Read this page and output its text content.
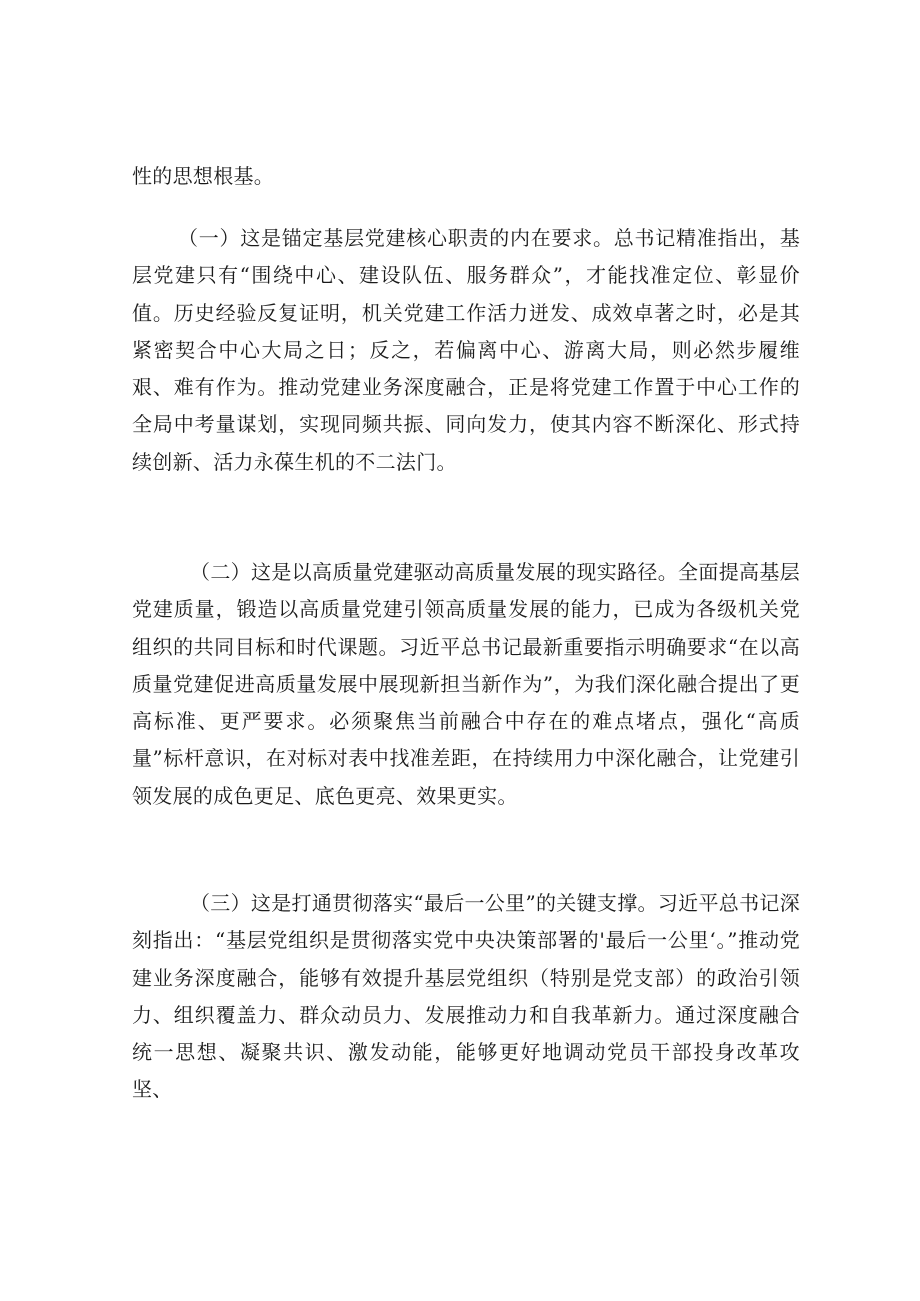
性的思想根基。

（一）这是锚定基层党建核心职责的内在要求。总书记精准指出，基层党建只有“围绕中心、建设队伍、服务群众”，才能找准定位、彰显价值。历史经验反复证明，机关党建工作活力迸发、成效卓著之时，必是其紧密契合中心大局之日；反之，若偏离中心、游离大局，则必然步履维艰、难有作为。推动党建业务深度融合，正是将党建工作置于中心工作的全局中考量谋划，实现同频共振、同向发力，使其内容不断深化、形式持续创新、活力永葆生机的不二法门。

（二）这是以高质量党建驱动高质量发展的现实路径。全面提高基层党建质量，锻造以高质量党建引领高质量发展的能力，已成为各级机关党组织的共同目标和时代课题。习近平总书记最新重要指示明确要求“在以高质量党建促进高质量发展中展现新担当新作为”，为我们深化融合提出了更高标准、更严要求。必须聚焦当前融合中存在的难点堵点，强化“高质量”标杆意识，在对标对表中找准差距，在持续用力中深化融合，让党建引领发展的成色更足、底色更亮、效果更实。

（三）这是打通贯彻落实“最后一公里”的关键支撑。习近平总书记深刻指出：“基层党组织是贯彻落实党中央决策部署的'最后一公里‘。”推动党建业务深度融合，能够有效提升基层党组织（特别是党支部）的政治引领力、组织覆盖力、群众动员力、发展推动力和自我革新力。通过深度融合统一思想、凝聚共识、激发动能，能够更好地调动党员干部投身改革攻坚、
